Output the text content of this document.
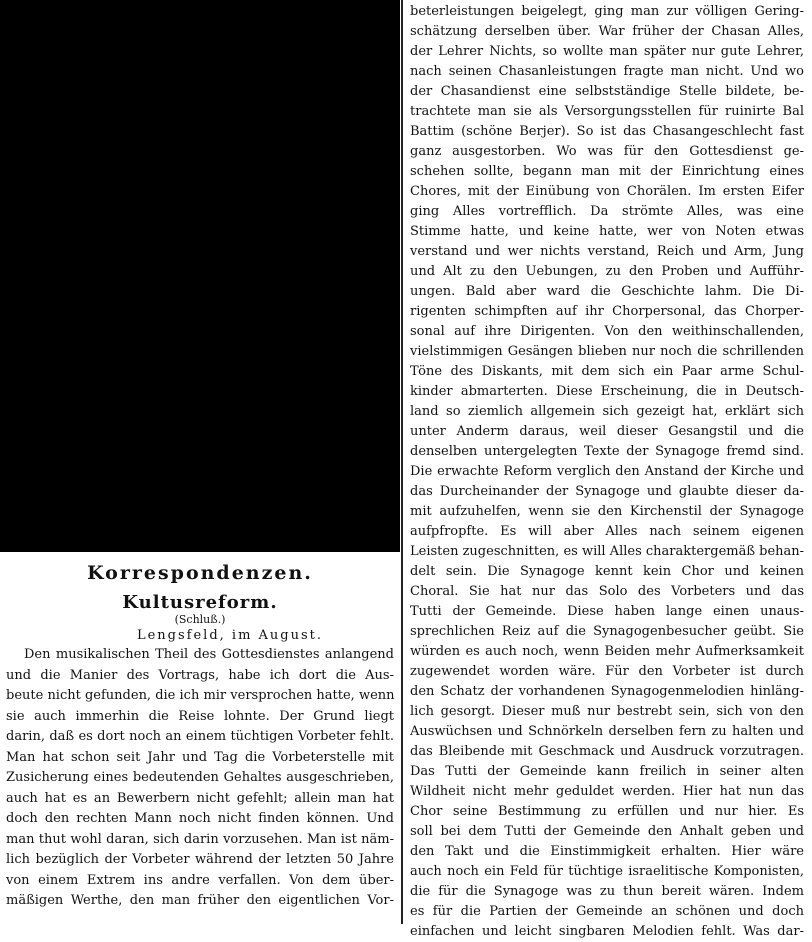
Korrespondenzen.
Kultusreform.
(Schluß.)
Lengsfeld, im August.
Den musikalischen Theil des Gottesdienstes anlangend
und die Manier des Vortrags, habe ich dort die Aus-
beute nicht gefunden, die ich mir versprochen hatte, wenn
sie auch immerhin die Reise lohnte. Der Grund liegt
darin, daß es dort noch an einem tüchtigen Vorbeter fehlt.
Man hat schon seit Jahr und Tag die Vorbeterstelle mit
Zusicherung eines bedeutenden Gehaltes ausgeschrieben,
auch hat es an Bewerbern nicht gefehlt; allein man hat
doch den rechten Mann noch nicht finden können. Und
man thut wohl daran, sich darin vorzusehen. Man ist näm-
lich bezüglich der Vorbeter während der letzten 50 Jahre
von einem Extrem ins andre verfallen. Von dem über-
mäßigen Werthe, den man früher den eigentlichen Vor-
beterleistungen beigelegt, ging man zur völligen Gering-
schätzung derselben über. War früher der Chasan Alles,
der Lehrer Nichts, so wollte man später nur gute Lehrer,
nach seinen Chasanleistungen fragte man nicht. Und wo
der Chasandienst eine selbstständige Stelle bildete, be-
trachtete man sie als Versorgungsstellen für ruinirte Bal
Battim (schöne Berjer). So ist das Chasangeschlecht fast
ganz ausgestorben. Wo was für den Gottesdienst ge-
schehen sollte, begann man mit der Einrichtung eines
Chores, mit der Einübung von Chorälen. Im ersten Eifer
ging Alles vortrefflich. Da strömte Alles, was eine
Stimme hatte, und keine hatte, wer von Noten etwas
verstand und wer nichts verstand, Reich und Arm, Jung
und Alt zu den Uebungen, zu den Proben und Aufführ-
ungen. Bald aber ward die Geschichte lahm. Die Di-
rigenten schimpften auf ihr Chorpersonal, das Chorper-
sonal auf ihre Dirigenten. Von den weithinschallenden,
vielstimmigen Gesängen blieben nur noch die schrillenden
Töne des Diskants, mit dem sich ein Paar arme Schul-
kinder abmarterten. Diese Erscheinung, die in Deutsch-
land so ziemlich allgemein sich gezeigt hat, erklärt sich
unter Anderm daraus, weil dieser Gesangstil und die
denselben untergelegten Texte der Synagoge fremd sind.
Die erwachte Reform verglich den Anstand der Kirche und
das Durcheinander der Synagoge und glaubte dieser da-
mit aufzuhelfen, wenn sie den Kirchenstil der Synagoge
aufpfropfte. Es will aber Alles nach seinem eigenen
Leisten zugeschnitten, es will Alles charaktergemäß behan-
delt sein. Die Synagoge kennt kein Chor und keinen
Choral. Sie hat nur das Solo des Vorbeters und das
Tutti der Gemeinde. Diese haben lange einen unaus-
sprechlichen Reiz auf die Synagogenbesucher geübt. Sie
würden es auch noch, wenn Beiden mehr Aufmerksamkeit
zugewendet worden wäre. Für den Vorbeter ist durch
den Schatz der vorhandenen Synagogenmelodien hinläng-
lich gesorgt. Dieser muß nur bestrebt sein, sich von den
Auswüchsen und Schnörkeln derselben fern zu halten und
das Bleibende mit Geschmack und Ausdruck vorzutragen.
Das Tutti der Gemeinde kann freilich in seiner alten
Wildheit nicht mehr geduldet werden. Hier hat nun das
Chor seine Bestimmung zu erfüllen und nur hier. Es
soll bei dem Tutti der Gemeinde den Anhalt geben und
den Takt und die Einstimmigkeit erhalten. Hier wäre
auch noch ein Feld für tüchtige israelitische Komponisten,
die für die Synagoge was zu thun bereit wären. Indem
es für die Partien der Gemeinde an schönen und doch
einfachen und leicht singbaren Melodien fehlt. Was dar-
